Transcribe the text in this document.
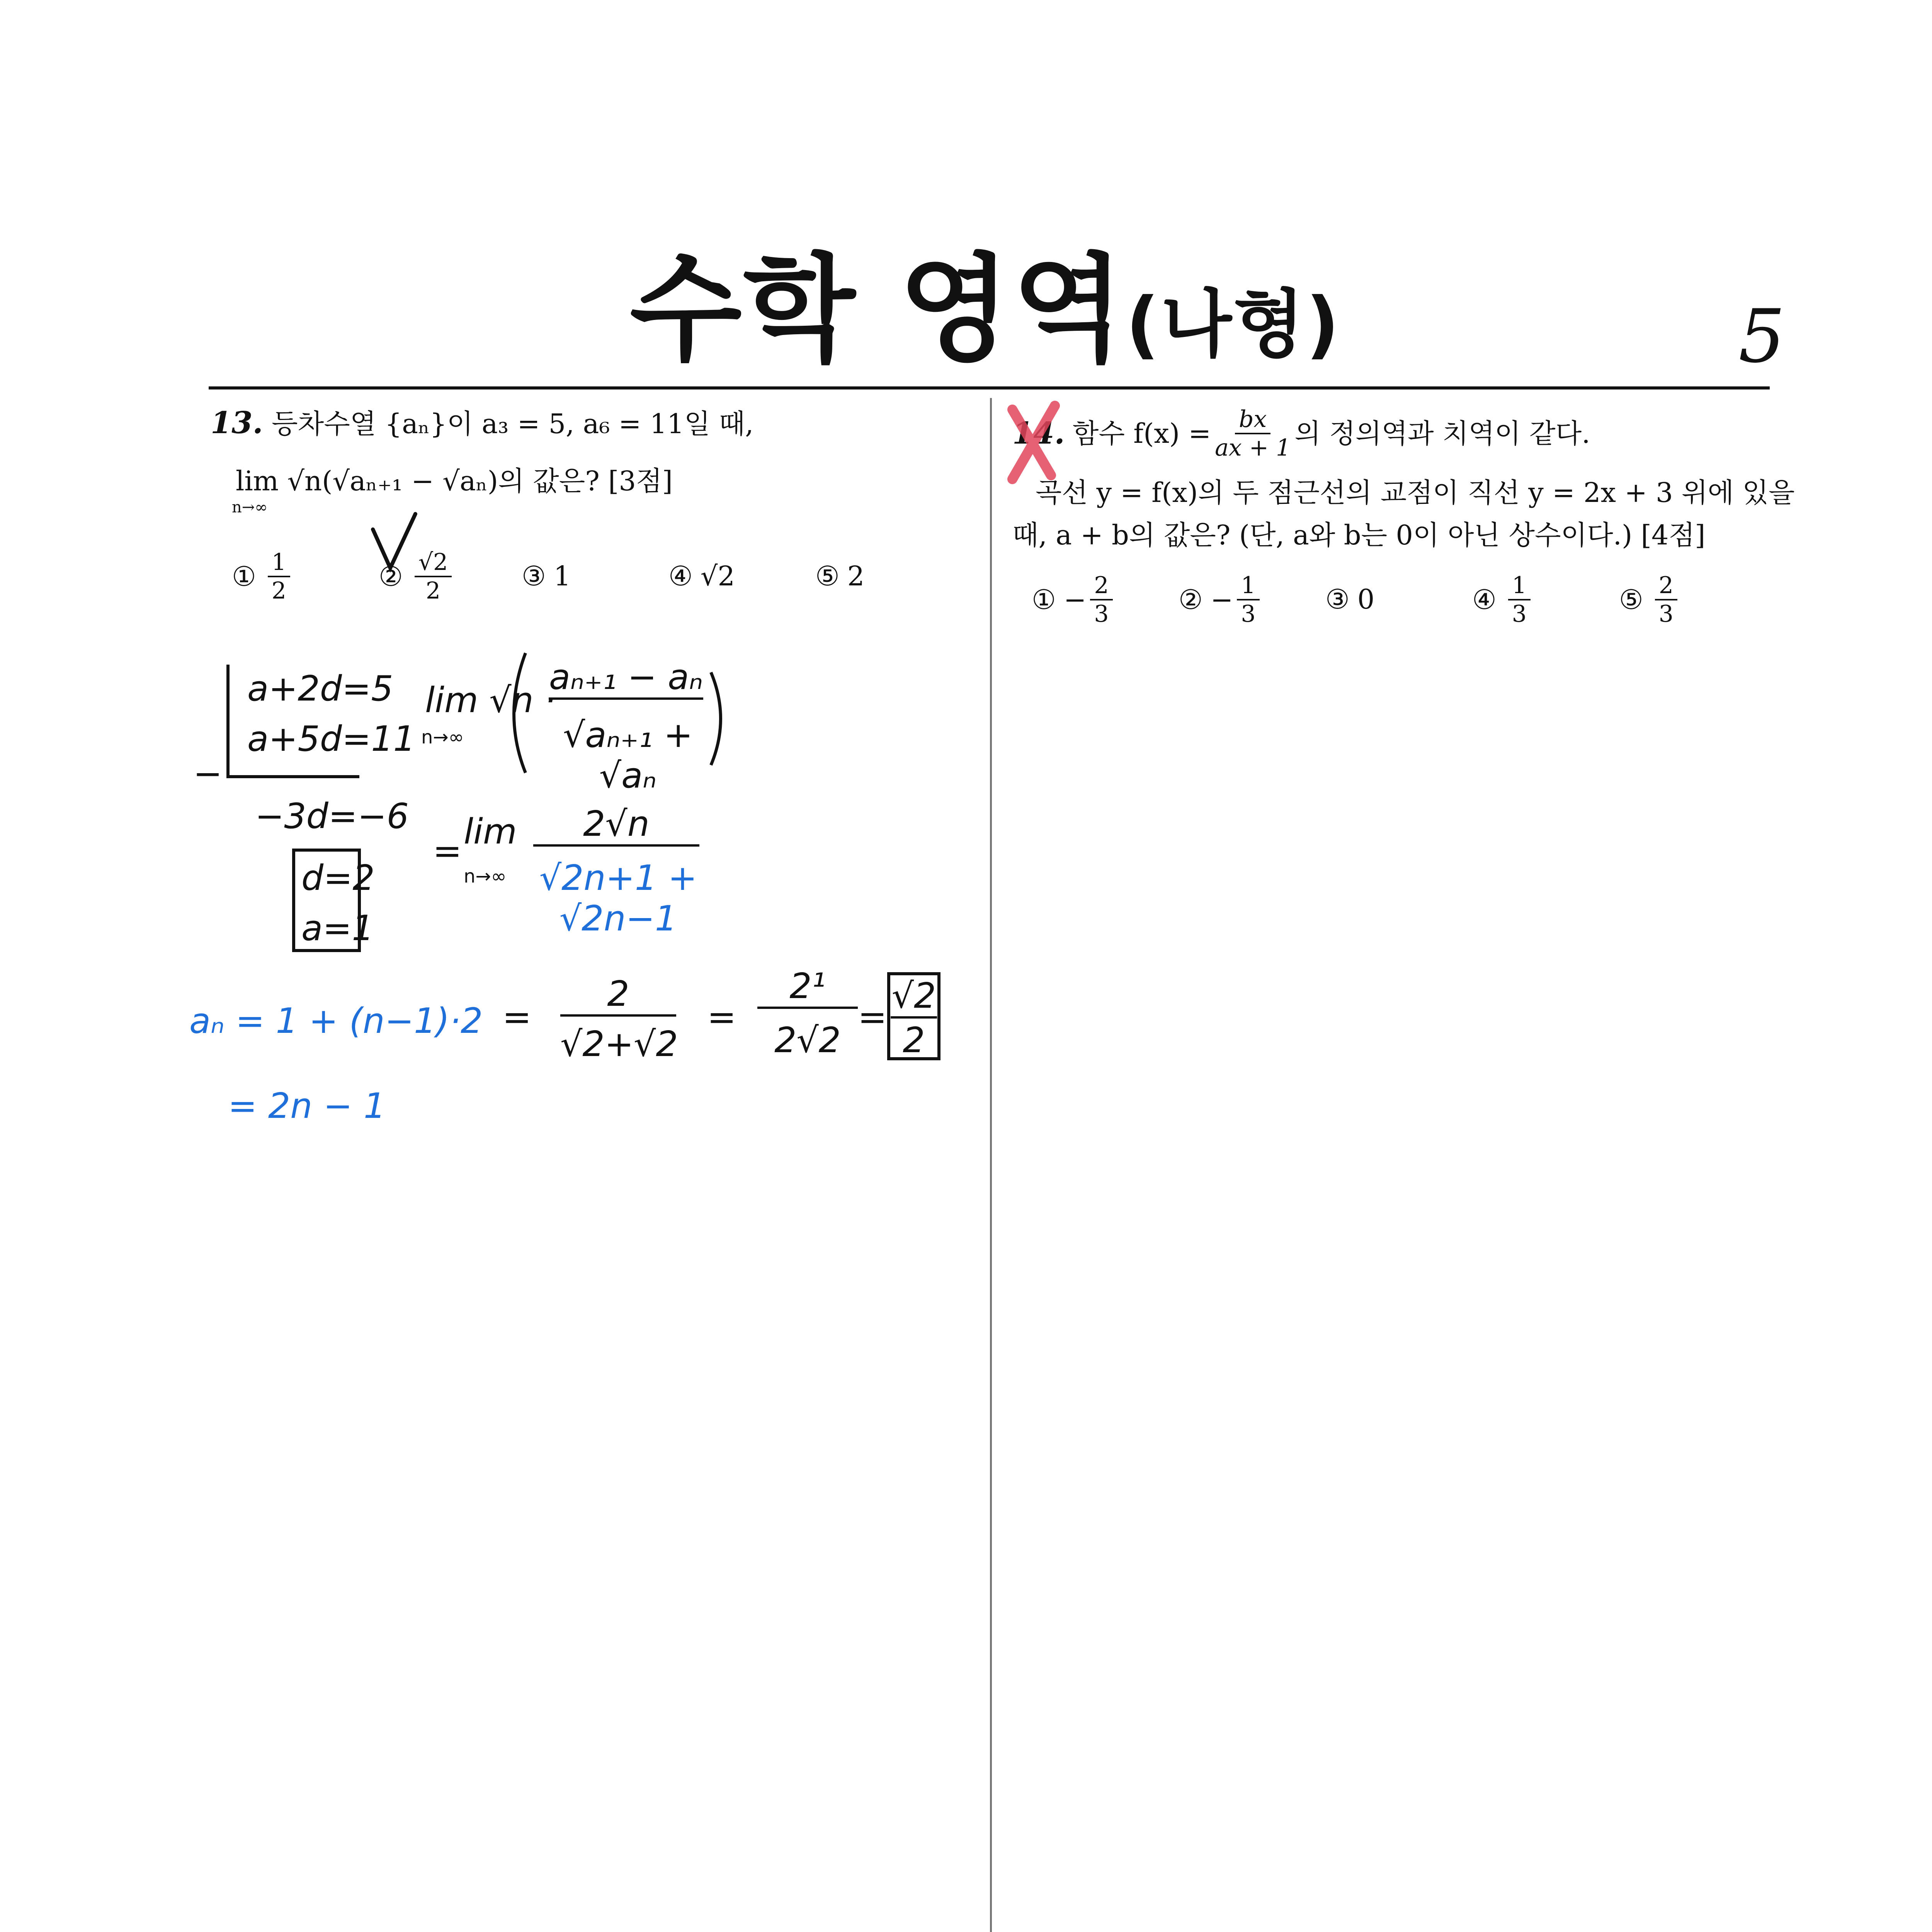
수학 영역(나형)	5
13. 등차수열 {aₙ}이 a₃ = 5, a₆ = 11일 때,
lim √n(√aₙ₊₁ − √aₙ)의 값은? [3점]
n→∞
① $\frac{1}{2}$	② $\frac{√2}{2}$	③ 1	④ √2	⑤ 2
14. 함수 $f(x) = \frac{bx}{ax + 1}$ 의 정의역과 치역이 같다.
곡선 y = f(x)의 두 점근선의 교점이 직선 y = 2x + 3 위에 있을
때, a + b의 값은? (단, a와 b는 0이 아닌 상수이다.) [4점]
① − $\frac{2}{3}$ ② − $\frac{1}{3}$ ③ 0	④ $\frac{1}{3}$	⑤ $\frac{2}{3}$
a+2d=5
a+5d=11
−
−3d=−6
d=2
a=1
lim √n ·
n→∞
aₙ₊₁ − aₙ
√aₙ₊₁ + √aₙ
= lim
n→∞
2√n
√2n+1 + √2n−1
aₙ = 1 + (n−1)·2
= 2n − 1
=
2
√2+√2
=
2¹
2√2
=
√2
2
